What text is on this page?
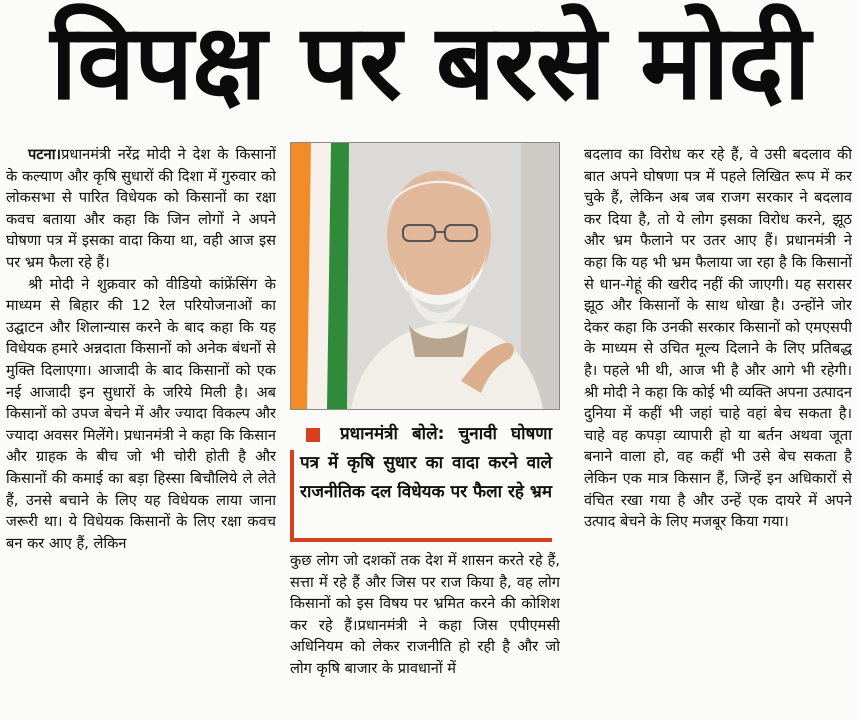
विपक्ष पर बरसे मोदी

पटना।प्रधानमंत्री नरेंद्र मोदी ने देश के किसानों के कल्याण और कृषि सुधारों की दिशा में गुरुवार को लोकसभा से पारित विधेयक को किसानों का रक्षा कवच बताया और कहा कि जिन लोगों ने अपने घोषणा पत्र में इसका वादा किया था, वही आज इस पर भ्रम फैला रहे हैं।

श्री मोदी ने शुक्रवार को वीडियो कांफ्रेंसिंग के माध्यम से बिहार की 12 रेल परियोजनाओं का उद्घाटन और शिलान्यास करने के बाद कहा कि यह विधेयक हमारे अन्नदाता किसानों को अनेक बंधनों से मुक्ति दिलाएगा। आजादी के बाद किसानों को एक नई आजादी इन सुधारों के जरिये मिली है। अब किसानों को उपज बेचने में और ज्यादा विकल्प और ज्यादा अवसर मिलेंगे। प्रधानमंत्री ने कहा कि किसान और ग्राहक के बीच जो भी चोरी होती है और किसानों की कमाई का बड़ा हिस्सा बिचौलिये ले लेते हैं, उनसे बचाने के लिए यह विधेयक लाया जाना जरूरी था। ये विधेयक किसानों के लिए रक्षा कवच बन कर आए हैं, लेकिन

प्रधानमंत्री बोले: चुनावी घोषणा पत्र में कृषि सुधार का वादा करने वाले राजनीतिक दल विधेयक पर फैला रहे भ्रम

कुछ लोग जो दशकों तक देश में शासन करते रहे हैं, सत्ता में रहे हैं और जिस पर राज किया है, वह लोग किसानों को इस विषय पर भ्रमित करने की कोशिश कर रहे हैं।प्रधानमंत्री ने कहा जिस एपीएमसी अधिनियम को लेकर राजनीति हो रही है और जो लोग कृषि बाजार के प्रावधानों में

बदलाव का विरोध कर रहे हैं, वे उसी बदलाव की बात अपने घोषणा पत्र में पहले लिखित रूप में कर चुके हैं, लेकिन अब जब राजग सरकार ने बदलाव कर दिया है, तो ये लोग इसका विरोध करने, झूठ और भ्रम फैलाने पर उतर आए हैं। प्रधानमंत्री ने कहा कि यह भी भ्रम फैलाया जा रहा है कि किसानों से धान-गेहूं की खरीद नहीं की जाएगी। यह सरासर झूठ और किसानों के साथ धोखा है। उन्होंने जोर देकर कहा कि उनकी सरकार किसानों को एमएसपी के माध्यम से उचित मूल्य दिलाने के लिए प्रतिबद्ध है। पहले भी थी, आज भी है और आगे भी रहेगी। श्री मोदी ने कहा कि कोई भी व्यक्ति अपना उत्पादन दुनिया में कहीं भी जहां चाहे वहां बेच सकता है। चाहे वह कपड़ा व्यापारी हो या बर्तन अथवा जूता बनाने वाला हो, वह कहीं भी उसे बेच सकता है लेकिन एक मात्र किसान हैं, जिन्हें इन अधिकारों से वंचित रखा गया है और उन्हें एक दायरे में अपने उत्पाद बेचने के लिए मजबूर किया गया।
